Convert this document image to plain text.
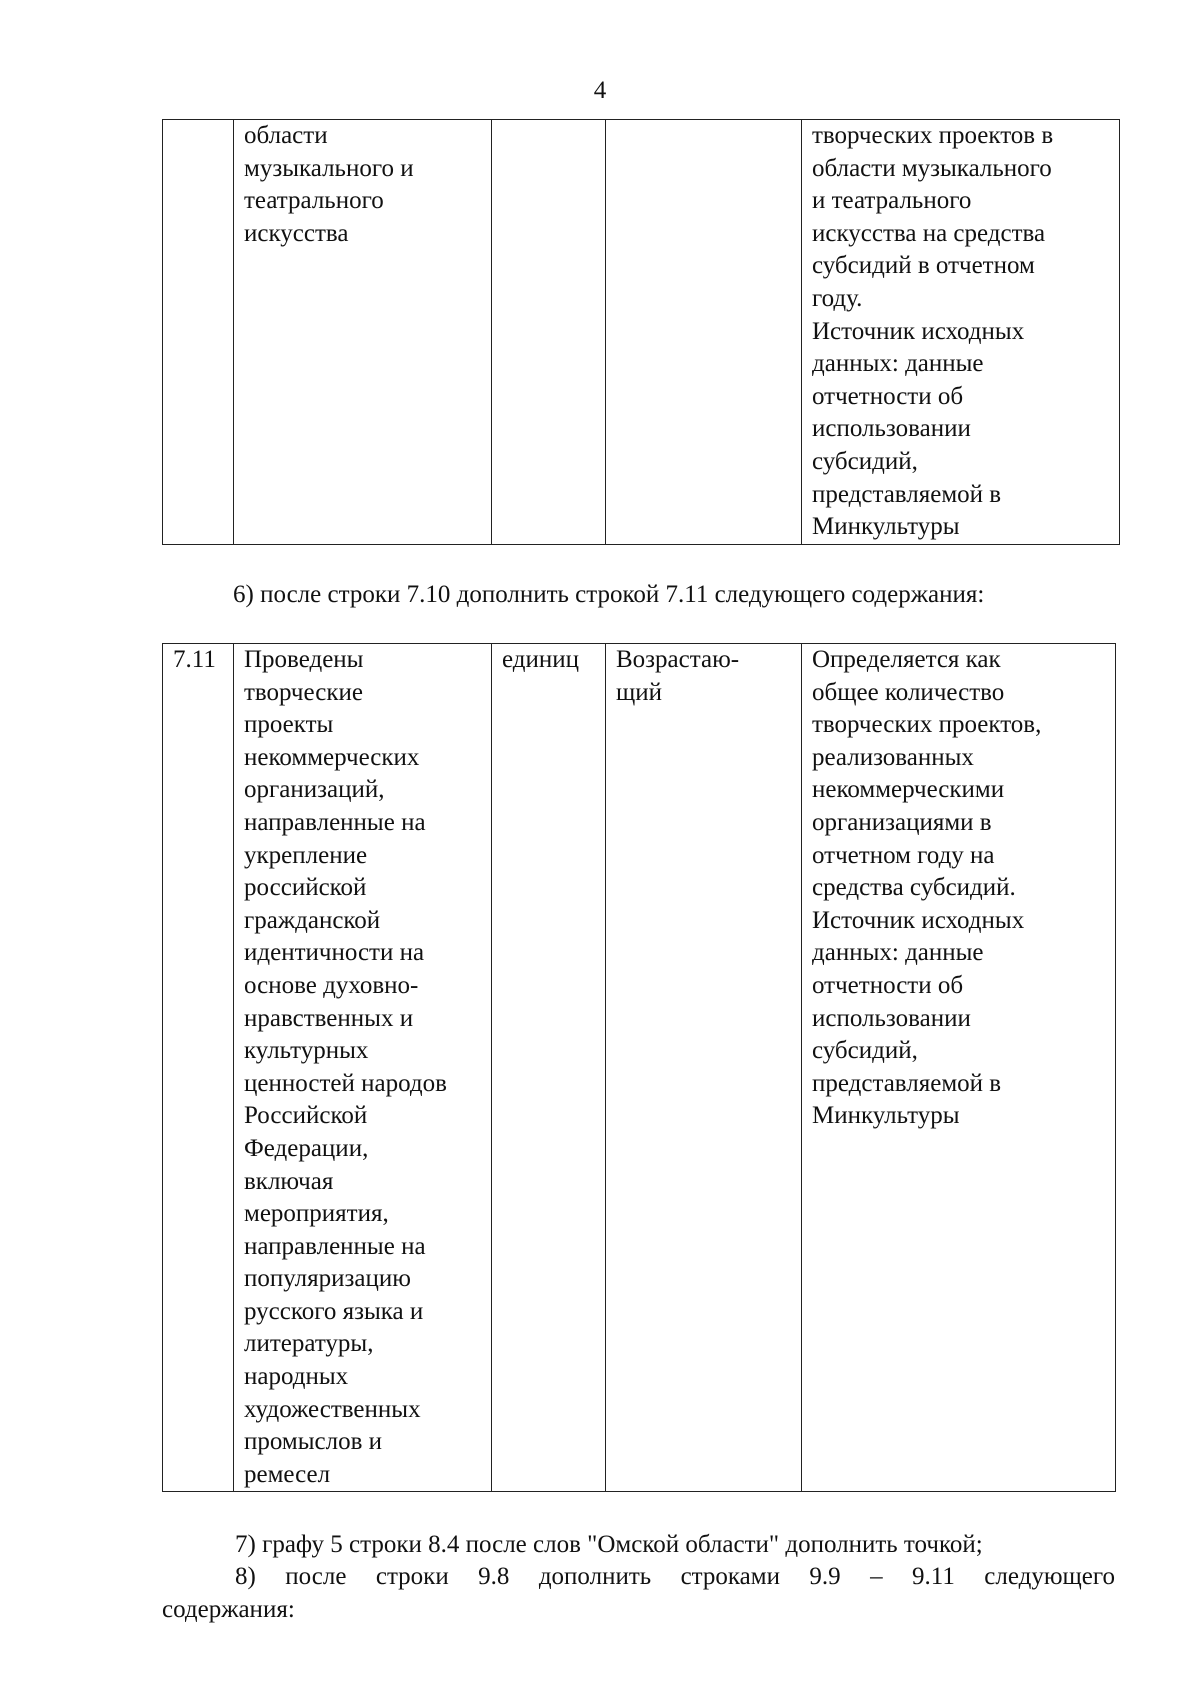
4
	области
музыкального и
театрального
искусства			творческих проектов в
области музыкального
и театрального
искусства на средства
субсидий в отчетном
году.
Источник исходных
данных: данные
отчетности об
использовании
субсидий,
представляемой в
Минкультуры
6) после строки 7.10 дополнить строкой 7.11 следующего содержания:
7.11	Проведены
творческие
проекты
некоммерческих
организаций,
направленные на
укрепление
российской
гражданской
идентичности на
основе духовно-
нравственных и
культурных
ценностей народов
Российской
Федерации,
включая
мероприятия,
направленные на
популяризацию
русского языка и
литературы,
народных
художественных
промыслов и
ремесел	единиц	Возрастаю-
щий	Определяется как
общее количество
творческих проектов,
реализованных
некоммерческими
организациями в
отчетном году на
средства субсидий.
Источник исходных
данных: данные
отчетности об
использовании
субсидий,
представляемой в
Минкультуры
7) графу 5 строки 8.4 после слов "Омской области" дополнить точкой;
8) после строки 9.8 дополнить строками 9.9 – 9.11 следующего
содержания:
